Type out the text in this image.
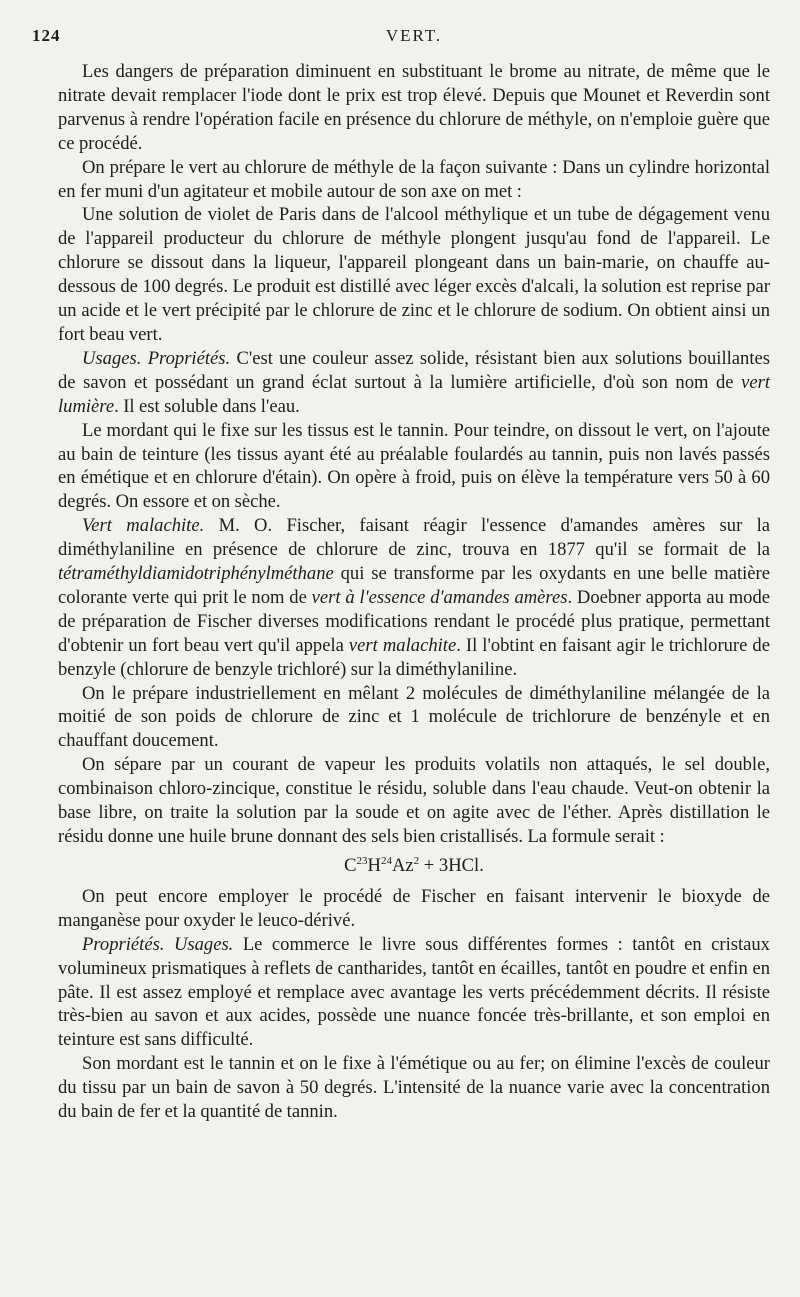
124	VERT.

Les dangers de préparation diminuent en substituant le brome au nitrate, de même que le nitrate devait remplacer l'iode dont le prix est trop élevé. Depuis que Mounet et Reverdin sont parvenus à rendre l'opération facile en présence du chlorure de méthyle, on n'emploie guère que ce procédé.

On prépare le vert au chlorure de méthyle de la façon suivante : Dans un cylindre horizontal en fer muni d'un agitateur et mobile autour de son axe on met :

Une solution de violet de Paris dans de l'alcool méthylique et un tube de dégagement venu de l'appareil producteur du chlorure de méthyle plongent jusqu'au fond de l'appareil. Le chlorure se dissout dans la liqueur, l'appareil plongeant dans un bain-marie, on chauffe au-dessous de 100 degrés. Le produit est distillé avec léger excès d'alcali, la solution est reprise par un acide et le vert précipité par le chlorure de zinc et le chlorure de sodium. On obtient ainsi un fort beau vert.

Usages. Propriétés. C'est une couleur assez solide, résistant bien aux solutions bouillantes de savon et possédant un grand éclat surtout à la lumière artificielle, d'où son nom de vert lumière. Il est soluble dans l'eau.

Le mordant qui le fixe sur les tissus est le tannin. Pour teindre, on dissout le vert, on l'ajoute au bain de teinture (les tissus ayant été au préalable foulardés au tannin, puis non lavés passés en émétique et en chlorure d'étain). On opère à froid, puis on élève la température vers 50 à 60 degrés. On essore et on sèche.

Vert malachite. M. O. Fischer, faisant réagir l'essence d'amandes amères sur la diméthylaniline en présence de chlorure de zinc, trouva en 1877 qu'il se formait de la tétraméthyldiamidotriphénylméthane qui se transforme par les oxydants en une belle matière colorante verte qui prit le nom de vert à l'essence d'amandes amères. Doebner apporta au mode de préparation de Fischer diverses modifications rendant le procédé plus pratique, permettant d'obtenir un fort beau vert qu'il appela vert malachite. Il l'obtint en faisant agir le trichlorure de benzyle (chlorure de benzyle trichloré) sur la diméthylaniline.

On le prépare industriellement en mêlant 2 molécules de diméthylaniline mélangée de la moitié de son poids de chlorure de zinc et 1 molécule de trichlorure de benzényle et en chauffant doucement.

On sépare par un courant de vapeur les produits volatils non attaqués, le sel double, combinaison chloro-zincique, constitue le résidu, soluble dans l'eau chaude. Veut-on obtenir la base libre, on traite la solution par la soude et on agite avec de l'éther. Après distillation le résidu donne une huile brune donnant des sels bien cristallisés. La formule serait :

$C^{23}H^{24}Az^2 + 3HCl$.

On peut encore employer le procédé de Fischer en faisant intervenir le bioxyde de manganèse pour oxyder le leuco-dérivé.

Propriétés. Usages. Le commerce le livre sous différentes formes : tantôt en cristaux volumineux prismatiques à reflets de cantharides, tantôt en écailles, tantôt en poudre et enfin en pâte. Il est assez employé et remplace avec avantage les verts précédemment décrits. Il résiste très-bien au savon et aux acides, possède une nuance foncée très-brillante, et son emploi en teinture est sans difficulté.

Son mordant est le tannin et on le fixe à l'émétique ou au fer; on élimine l'excès de couleur du tissu par un bain de savon à 50 degrés. L'intensité de la nuance varie avec la concentration du bain de fer et la quantité de tannin.
